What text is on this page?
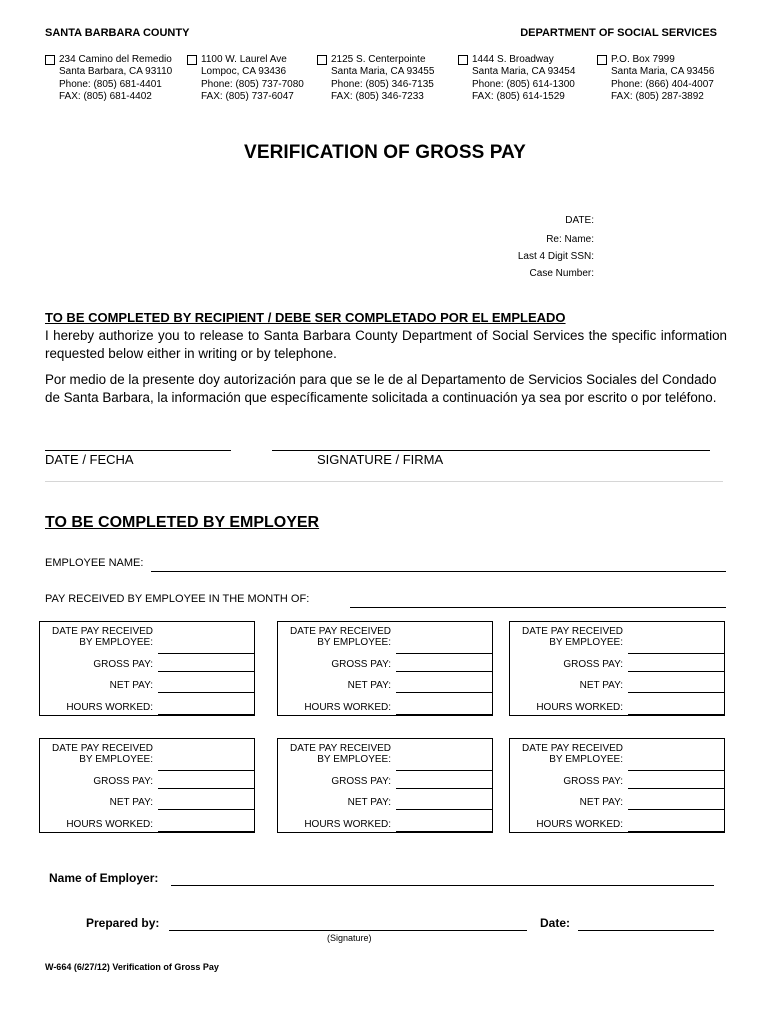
SANTA BARBARA COUNTY	DEPARTMENT OF SOCIAL SERVICES
234 Camino del Remedio
Santa Barbara, CA 93110
Phone: (805) 681-4401
FAX: (805) 681-4402
1100 W. Laurel Ave
Lompoc, CA 93436
Phone: (805) 737-7080
FAX: (805) 737-6047
2125 S. Centerpointe
Santa Maria, CA 93455
Phone: (805) 346-7135
FAX: (805) 346-7233
1444 S. Broadway
Santa Maria, CA 93454
Phone: (805) 614-1300
FAX: (805) 614-1529
P.O. Box 7999
Santa Maria, CA 93456
Phone: (866) 404-4007
FAX: (805) 287-3892
VERIFICATION OF GROSS PAY
DATE:
Re: Name:
Last 4 Digit SSN:
Case Number:
TO BE COMPLETED BY RECIPIENT / DEBE SER COMPLETADO POR EL EMPLEADO
I hereby authorize you to release to Santa Barbara County Department of Social Services the specific information requested below either in writing or by telephone.
Por medio de la presente doy autorización para que se le de al Departamento de Servicios Sociales del Condado de Santa Barbara, la información que específicamente solicitada a continuación ya sea por escrito o por teléfono.
DATE / FECHA	SIGNATURE / FIRMA
TO BE COMPLETED BY EMPLOYER
EMPLOYEE NAME:
PAY RECEIVED BY EMPLOYEE IN THE MONTH OF:
DATE PAY RECEIVED
BY EMPLOYEE:
GROSS PAY:
NET PAY:
HOURS WORKED:
DATE PAY RECEIVED
BY EMPLOYEE:
GROSS PAY:
NET PAY:
HOURS WORKED:
DATE PAY RECEIVED
BY EMPLOYEE:
GROSS PAY:
NET PAY:
HOURS WORKED:
DATE PAY RECEIVED
BY EMPLOYEE:
GROSS PAY:
NET PAY:
HOURS WORKED:
DATE PAY RECEIVED
BY EMPLOYEE:
GROSS PAY:
NET PAY:
HOURS WORKED:
DATE PAY RECEIVED
BY EMPLOYEE:
GROSS PAY:
NET PAY:
HOURS WORKED:
Name of Employer:
Prepared by:
(Signature)
Date:
W-664 (6/27/12) Verification of Gross Pay
